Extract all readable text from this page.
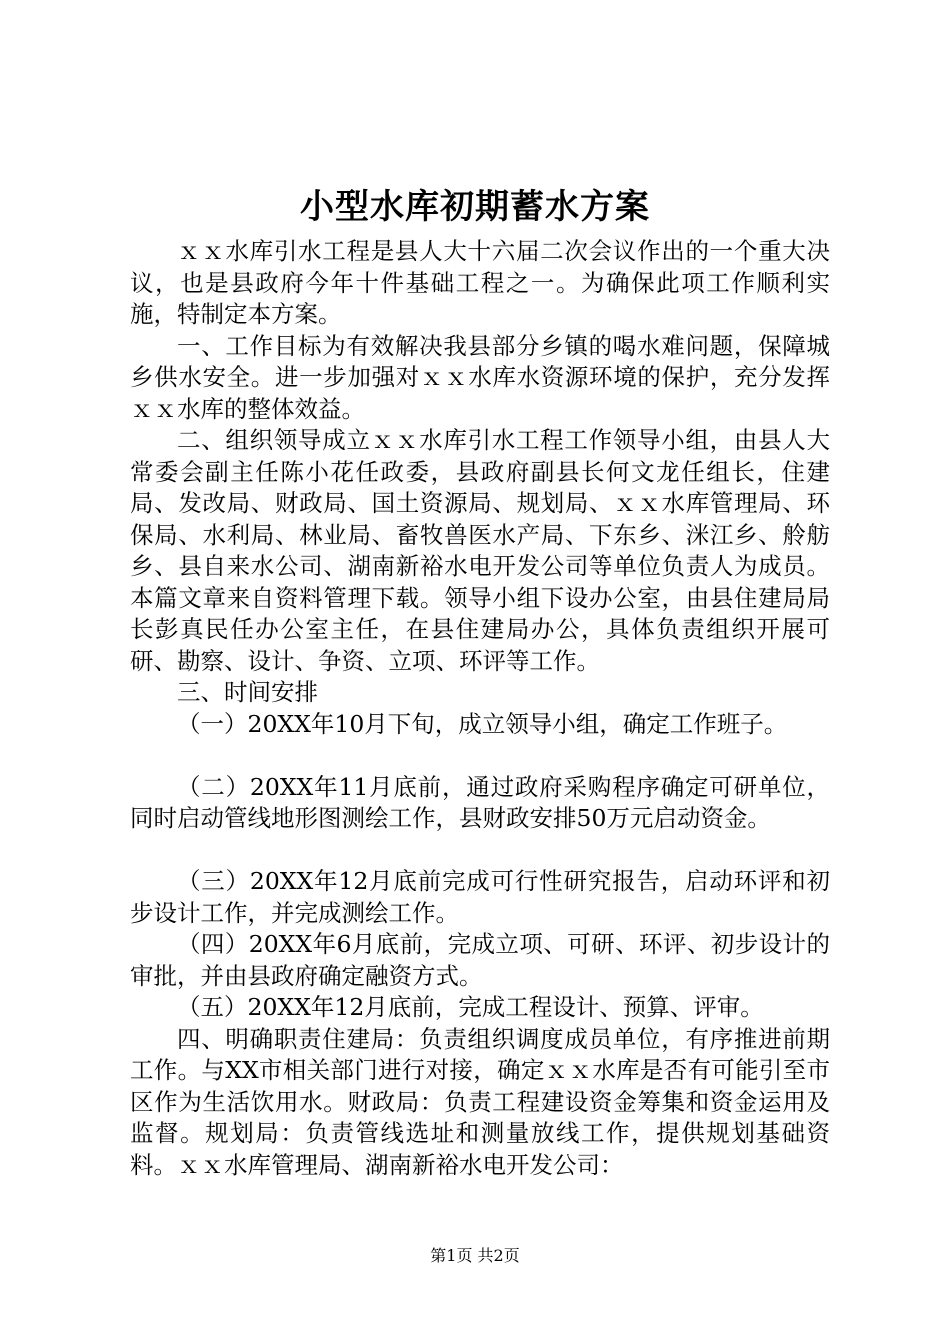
小型水库初期蓄水方案

ｘｘ水库引水工程是县人大十六届二次会议作出的一个重大决议，也是县政府今年十件基础工程之一。为确保此项工作顺利实施，特制定本方案。

一、工作目标为有效解决我县部分乡镇的喝水难问题，保障城乡供水安全。进一步加强对ｘｘ水库水资源环境的保护，充分发挥ｘｘ水库的整体效益。

二、组织领导成立ｘｘ水库引水工程工作领导小组，由县人大常委会副主任陈小花任政委，县政府副县长何文龙任组长，住建局、发改局、财政局、国土资源局、规划局、ｘｘ水库管理局、环保局、水利局、林业局、畜牧兽医水产局、下东乡、洣江乡、舲舫乡、县自来水公司、湖南新裕水电开发公司等单位负责人为成员。本篇文章来自资料管理下载。领导小组下设办公室，由县住建局局长彭真民任办公室主任，在县住建局办公，具体负责组织开展可研、勘察、设计、争资、立项、环评等工作。

三、时间安排

（一）20XX年10月下旬，成立领导小组，确定工作班子。

（二）20XX年11月底前，通过政府采购程序确定可研单位，同时启动管线地形图测绘工作，县财政安排50万元启动资金。

（三）20XX年12月底前完成可行性研究报告，启动环评和初步设计工作，并完成测绘工作。

（四）20XX年6月底前，完成立项、可研、环评、初步设计的审批，并由县政府确定融资方式。

（五）20XX年12月底前，完成工程设计、预算、评审。

四、明确职责住建局：负责组织调度成员单位，有序推进前期工作。与XX市相关部门进行对接，确定ｘｘ水库是否有可能引至市区作为生活饮用水。财政局：负责工程建设资金筹集和资金运用及监督。规划局：负责管线选址和测量放线工作，提供规划基础资料。ｘｘ水库管理局、湖南新裕水电开发公司：

第1页 共2页
